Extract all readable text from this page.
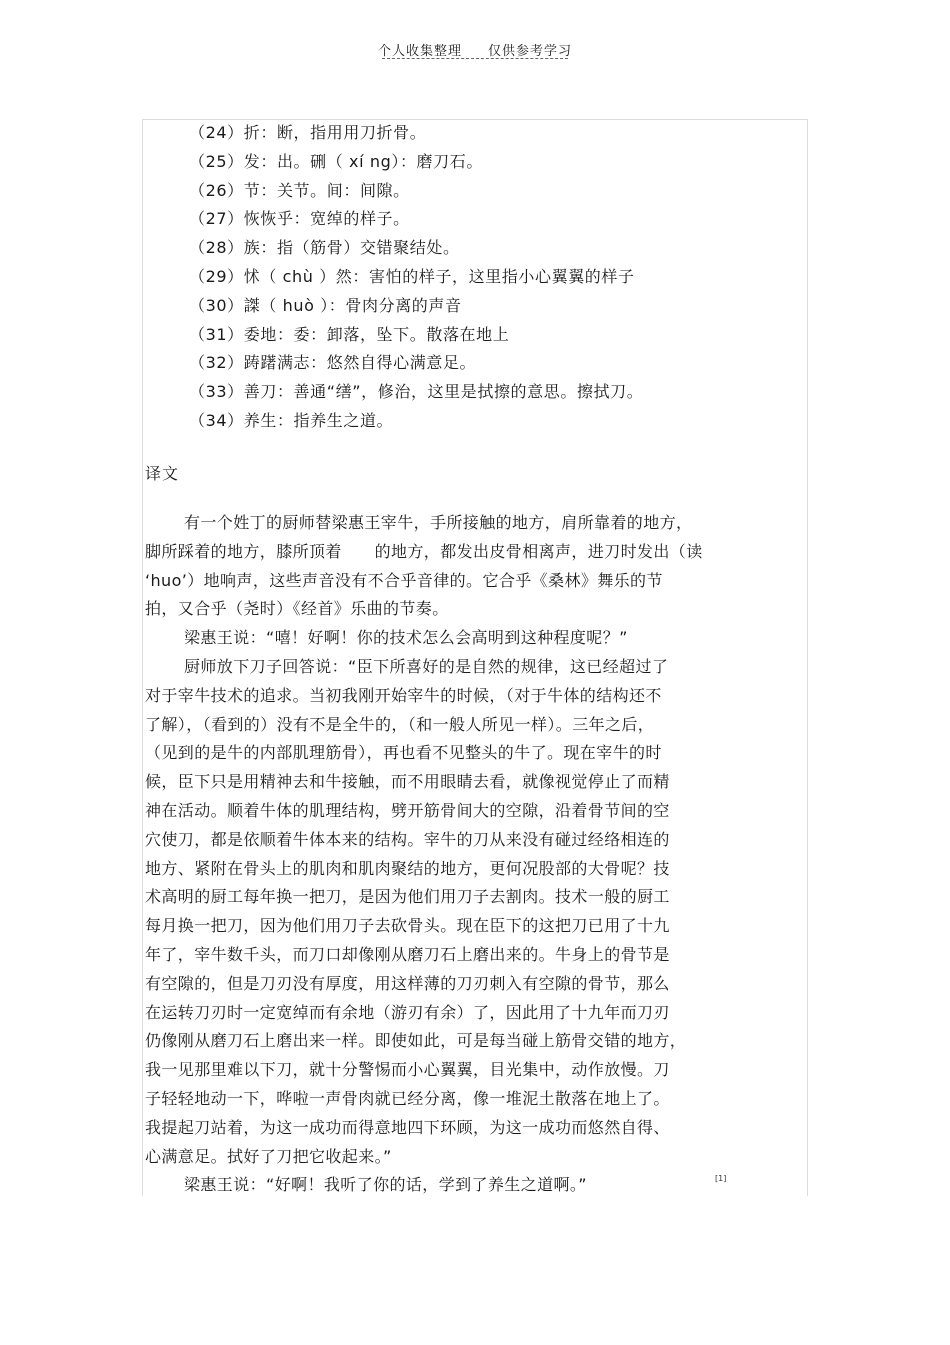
个人收集整理 仅供参考学习
（24）折：断，指用用刀折骨。
（25）发：出。硎（ xí ng）：磨刀石。
（26）节：关节。间：间隙。
（27）恢恢乎：宽绰的样子。
（28）族：指（筋骨）交错聚结处。
（29）怵（ chù ）然：害怕的样子，这里指小心翼翼的样子
（30）謋（ huò ）：骨肉分离的声音
（31）委地：委：卸落，坠下。散落在地上
（32）踌躇满志：悠然自得心满意足。
（33）善刀：善通“缮”，修治，这里是拭擦的意思。擦拭刀。
（34）养生：指养生之道。
译文
有一个姓丁的厨师替梁惠王宰牛，手所接触的地方，肩所靠着的地方，
脚所踩着的地方，膝所顶着　　的地方，都发出皮骨相离声，进刀时发出（读
‘huo’）地响声，这些声音没有不合乎音律的。它合乎《桑林》舞乐的节
拍，又合乎（尧时）《经首》乐曲的节奏。
梁惠王说：“嘻！好啊！你的技术怎么会高明到这种程度呢？”
厨师放下刀子回答说：“臣下所喜好的是自然的规律，这已经超过了
对于宰牛技术的追求。当初我刚开始宰牛的时候，（对于牛体的结构还不
了解），（看到的）没有不是全牛的，（和一般人所见一样）。三年之后，
（见到的是牛的内部肌理筋骨），再也看不见整头的牛了。现在宰牛的时
候，臣下只是用精神去和牛接触，而不用眼睛去看，就像视觉停止了而精
神在活动。顺着牛体的肌理结构，劈开筋骨间大的空隙，沿着骨节间的空
穴使刀，都是依顺着牛体本来的结构。宰牛的刀从来没有碰过经络相连的
地方、紧附在骨头上的肌肉和肌肉聚结的地方，更何况股部的大骨呢？技
术高明的厨工每年换一把刀，是因为他们用刀子去割肉。技术一般的厨工
每月换一把刀，因为他们用刀子去砍骨头。现在臣下的这把刀已用了十九
年了，宰牛数千头，而刀口却像刚从磨刀石上磨出来的。牛身上的骨节是
有空隙的，但是刀刃没有厚度，用这样薄的刀刃刺入有空隙的骨节，那么
在运转刀刃时一定宽绰而有余地（游刃有余）了，因此用了十九年而刀刃
仍像刚从磨刀石上磨出来一样。即使如此，可是每当碰上筋骨交错的地方，
我一见那里难以下刀，就十分警惕而小心翼翼，目光集中，动作放慢。刀
子轻轻地动一下，哗啦一声骨肉就已经分离，像一堆泥土散落在地上了。
我提起刀站着，为这一成功而得意地四下环顾，为这一成功而悠然自得、
心满意足。拭好了刀把它收起来。”
梁惠王说：“好啊！我听了你的话，学到了养生之道啊。”	[1]
